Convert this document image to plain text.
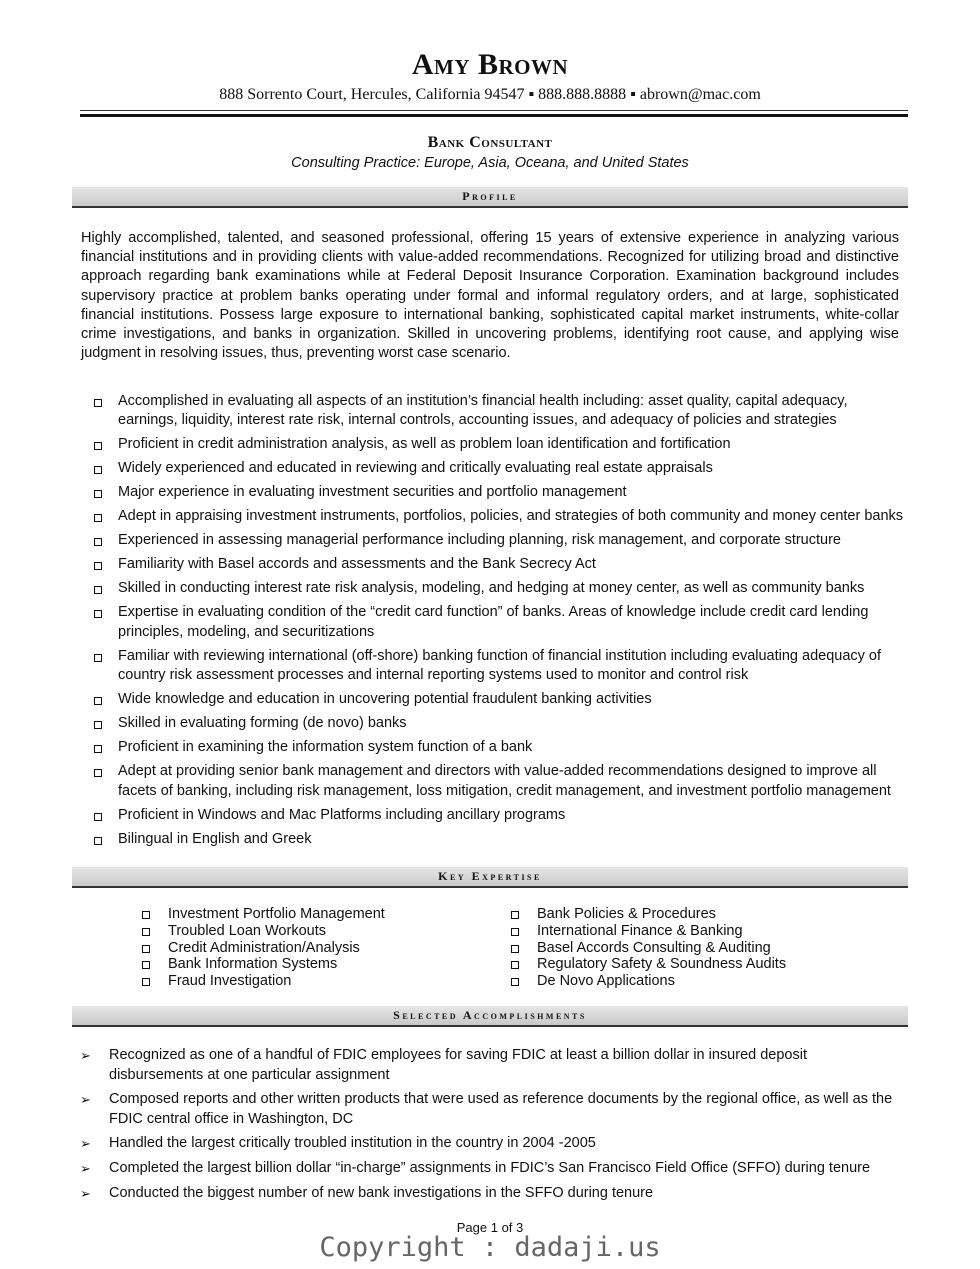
Amy Brown
888 Sorrento Court, Hercules, California 94547 ▪ 888.888.8888 ▪ abrown@mac.com
Bank Consultant
Consulting Practice: Europe, Asia, Oceana, and United States
Profile
Highly accomplished, talented, and seasoned professional, offering 15 years of extensive experience in analyzing various financial institutions and in providing clients with value-added recommendations. Recognized for utilizing broad and distinctive approach regarding bank examinations while at Federal Deposit Insurance Corporation. Examination background includes supervisory practice at problem banks operating under formal and informal regulatory orders, and at large, sophisticated financial institutions. Possess large exposure to international banking, sophisticated capital market instruments, white-collar crime investigations, and banks in organization. Skilled in uncovering problems, identifying root cause, and applying wise judgment in resolving issues, thus, preventing worst case scenario.
Accomplished in evaluating all aspects of an institution’s financial health including: asset quality, capital adequacy, earnings, liquidity, interest rate risk, internal controls, accounting issues, and adequacy of policies and strategies
Proficient in credit administration analysis, as well as problem loan identification and fortification
Widely experienced and educated in reviewing and critically evaluating real estate appraisals
Major experience in evaluating investment securities and portfolio management
Adept in appraising investment instruments, portfolios, policies, and strategies of both community and money center banks
Experienced in assessing managerial performance including planning, risk management, and corporate structure
Familiarity with Basel accords and assessments and the Bank Secrecy Act
Skilled in conducting interest rate risk analysis, modeling, and hedging at money center, as well as community banks
Expertise in evaluating condition of the “credit card function” of banks. Areas of knowledge include credit card lending principles, modeling, and securitizations
Familiar with reviewing international (off-shore) banking function of financial institution including evaluating adequacy of country risk assessment processes and internal reporting systems used to monitor and control risk
Wide knowledge and education in uncovering potential fraudulent banking activities
Skilled in evaluating forming (de novo) banks
Proficient in examining the information system function of a bank
Adept at providing senior bank management and directors with value-added recommendations designed to improve all facets of banking, including risk management, loss mitigation, credit management, and investment portfolio management
Proficient in Windows and Mac Platforms including ancillary programs
Bilingual in English and Greek
Key Expertise
Investment Portfolio Management
Troubled Loan Workouts
Credit Administration/Analysis
Bank Information Systems
Fraud Investigation
Bank Policies & Procedures
International Finance & Banking
Basel Accords Consulting & Auditing
Regulatory Safety & Soundness Audits
De Novo Applications
Selected Accomplishments
➢ Recognized as one of a handful of FDIC employees for saving FDIC at least a billion dollar in insured deposit disbursements at one particular assignment
➢ Composed reports and other written products that were used as reference documents by the regional office, as well as the FDIC central office in Washington, DC
➢ Handled the largest critically troubled institution in the country in 2004 -2005
➢ Completed the largest billion dollar “in-charge” assignments in FDIC’s San Francisco Field Office (SFFO) during tenure
➢ Conducted the biggest number of new bank investigations in the SFFO during tenure
Page 1 of 3
Copyright : dadaji.us
